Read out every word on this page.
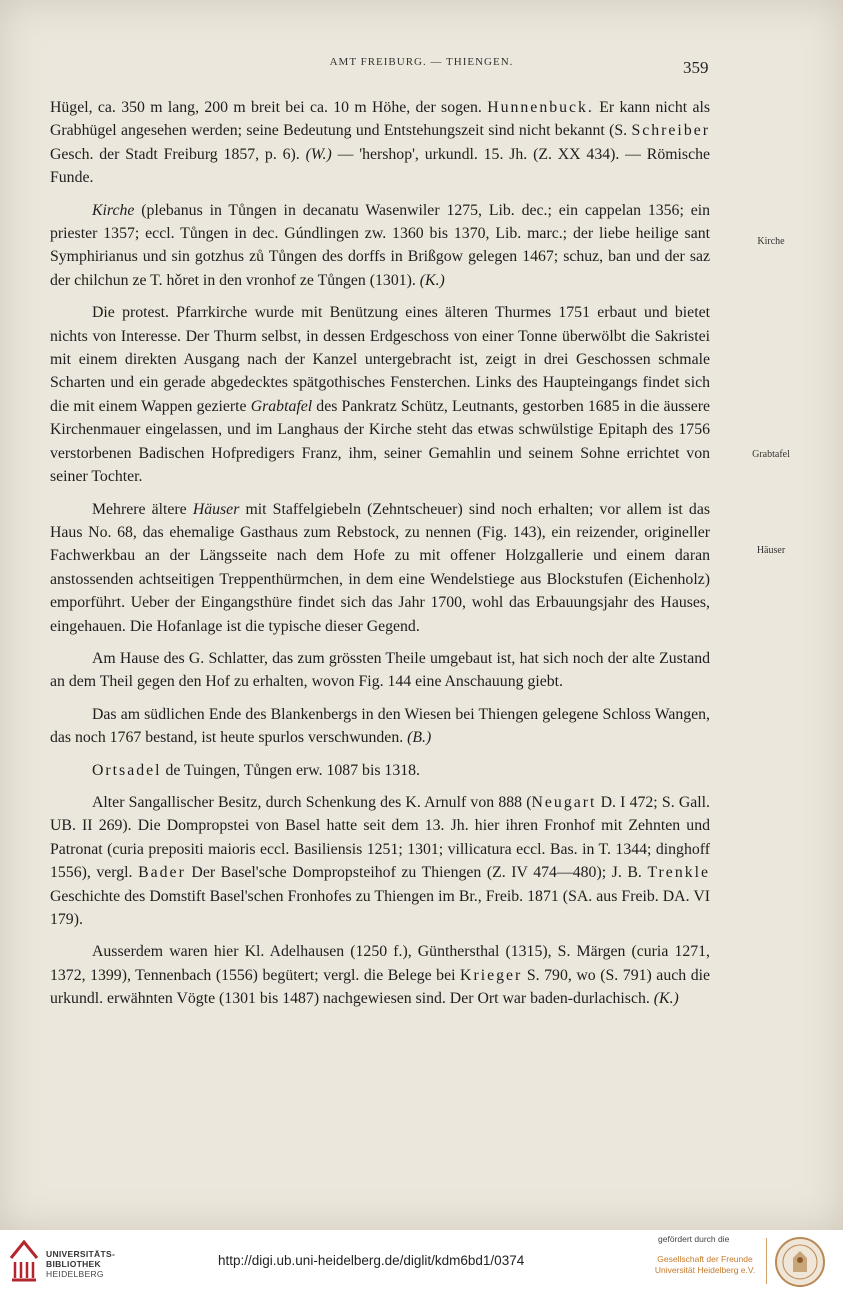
AMT FREIBURG. — THIENGEN.	359

Hügel, ca. 350 m lang, 200 m breit bei ca. 10 m Höhe, der sogen. Hunnenbuck. Er kann nicht als Grabhügel angesehen werden; seine Bedeutung und Entstehungszeit sind nicht bekannt (S. Schreiber Gesch. der Stadt Freiburg 1857, p. 6). (W.) — 'hershop', urkundl. 15. Jh. (Z. XX 434). — Römische Funde.

Kirche (plebanus in Tůngen in decanatu Wasenwiler 1275, Lib. dec.; ein cappelan 1356; ein priester 1357; eccl. Tůngen in dec. Gúndlingen zw. 1360 bis 1370, Lib. marc.; der liebe heilige sant Symphirianus und sin gotzhus zů Tůngen des dorffs in Brißgow gelegen 1467; schuz, ban und der saz der chilchun ze T. hǒret in den vronhof ze Tůngen (1301). (K.)

Die protest. Pfarrkirche wurde mit Benützung eines älteren Thurmes 1751 erbaut und bietet nichts von Interesse. Der Thurm selbst, in dessen Erdgeschoss von einer Tonne überwölbt die Sakristei mit einem direkten Ausgang nach der Kanzel untergebracht ist, zeigt in drei Geschossen schmale Scharten und ein gerade abgedecktes spätgothisches Fensterchen. Links des Haupteingangs findet sich die mit einem Wappen gezierte Grabtafel des Pankratz Schütz, Leutnants, gestorben 1685 in die äussere Kirchenmauer eingelassen, und im Langhaus der Kirche steht das etwas schwülstige Epitaph des 1756 verstorbenen Badischen Hofpredigers Franz, ihm, seiner Gemahlin und seinem Sohne errichtet von seiner Tochter.

Mehrere ältere Häuser mit Staffelgiebeln (Zehntscheuer) sind noch erhalten; vor allem ist das Haus No. 68, das ehemalige Gasthaus zum Rebstock, zu nennen (Fig. 143), ein reizender, origineller Fachwerkbau an der Längsseite nach dem Hofe zu mit offener Holzgallerie und einem daran anstossenden achtseitigen Treppenthürmchen, in dem eine Wendelstiege aus Blockstufen (Eichenholz) emporführt. Ueber der Eingangsthüre findet sich das Jahr 1700, wohl das Erbauungsjahr des Hauses, eingehauen. Die Hofanlage ist die typische dieser Gegend.

Am Hause des G. Schlatter, das zum grössten Theile umgebaut ist, hat sich noch der alte Zustand an dem Theil gegen den Hof zu erhalten, wovon Fig. 144 eine Anschauung giebt.

Das am südlichen Ende des Blankenbergs in den Wiesen bei Thiengen gelegene Schloss Wangen, das noch 1767 bestand, ist heute spurlos verschwunden. (B.)

Ortsadel de Tuingen, Tůngen erw. 1087 bis 1318.

Alter Sangallischer Besitz, durch Schenkung des K. Arnulf von 888 (Neugart D. I 472; S. Gall. UB. II 269). Die Dompropstei von Basel hatte seit dem 13. Jh. hier ihren Fronhof mit Zehnten und Patronat (curia prepositi maioris eccl. Basiliensis 1251; 1301; villicatura eccl. Bas. in T. 1344; dinghoff 1556), vergl. Bader Der Basel'sche Dompropsteihof zu Thiengen (Z. IV 474—480); J. B. Trenkle Geschichte des Domstift Basel'schen Fronhofes zu Thiengen im Br., Freib. 1871 (SA. aus Freib. DA. VI 179).

Ausserdem waren hier Kl. Adelhausen (1250 f.), Günthersthal (1315), S. Märgen (curia 1271, 1372, 1399), Tennenbach (1556) begütert; vergl. die Belege bei Krieger S. 790, wo (S. 791) auch die urkundl. erwähnten Vögte (1301 bis 1487) nachgewiesen sind. Der Ort war baden-durlachisch. (K.)

Kirche
Grabtafel
Häuser
UNIVERSITÄTS-
BIBLIOTHEK
HEIDELBERG
http://digi.ub.uni-heidelberg.de/diglit/kdm6bd1/0374
gefördert durch die
Gesellschaft der Freunde
Universität Heidelberg e.V.
